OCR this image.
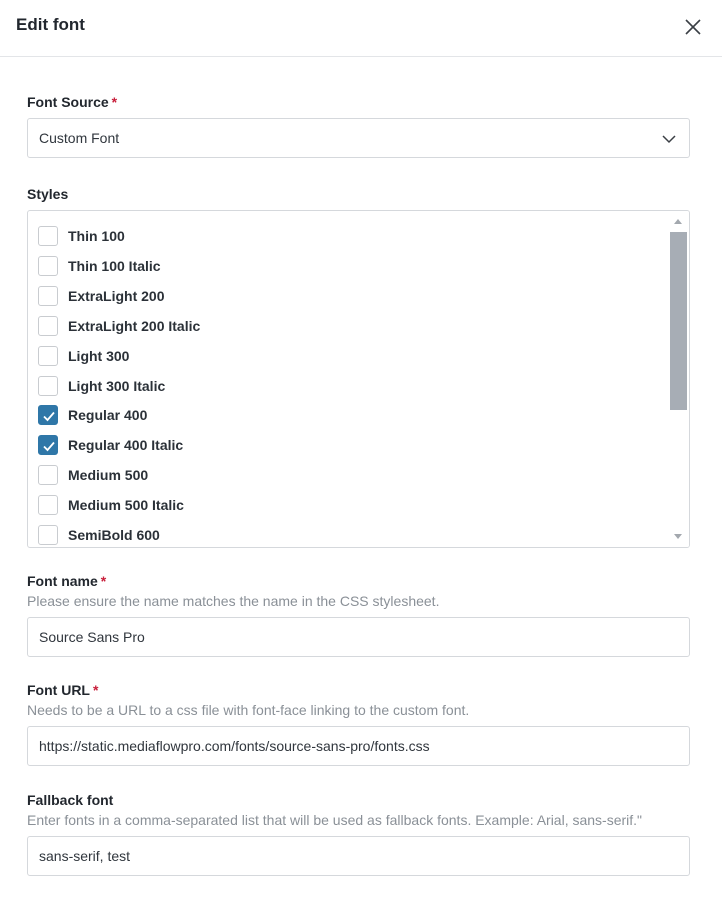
Edit font
Font Source *
Custom Font
Styles
Thin 100
Thin 100 Italic
ExtraLight 200
ExtraLight 200 Italic
Light 300
Light 300 Italic
Regular 400
Regular 400 Italic
Medium 500
Medium 500 Italic
SemiBold 600
Font name *
Please ensure the name matches the name in the CSS stylesheet.
Source Sans Pro
Font URL *
Needs to be a URL to a css file with font-face linking to the custom font.
https://static.mediaflowpro.com/fonts/source-sans-pro/fonts.css
Fallback font
Enter fonts in a comma-separated list that will be used as fallback fonts. Example: Arial, sans-serif."
sans-serif, test
